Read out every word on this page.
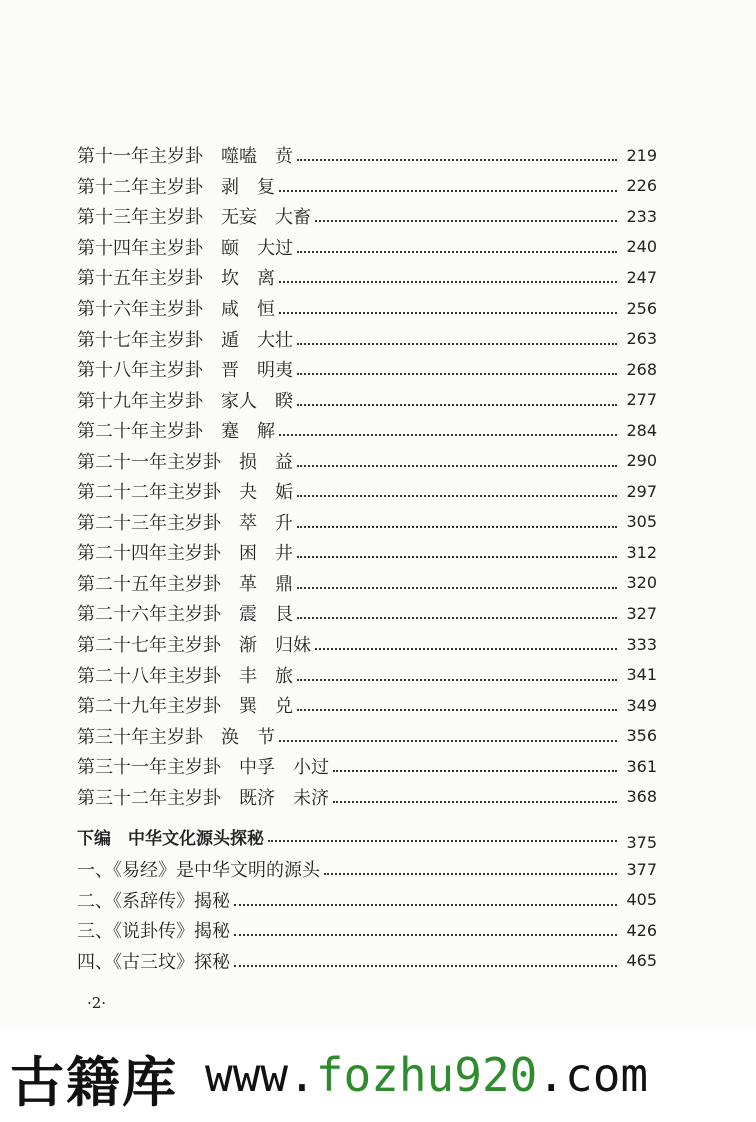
第十一年主岁卦　噬嗑　贲	219
第十二年主岁卦　剥　复	226
第十三年主岁卦　无妄　大畜	233
第十四年主岁卦　颐　大过	240
第十五年主岁卦　坎　离	247
第十六年主岁卦　咸　恒	256
第十七年主岁卦　遁　大壮	263
第十八年主岁卦　晋　明夷	268
第十九年主岁卦　家人　睽	277
第二十年主岁卦　蹇　解	284
第二十一年主岁卦　损　益	290
第二十二年主岁卦　夬　姤	297
第二十三年主岁卦　萃　升	305
第二十四年主岁卦　困　井	312
第二十五年主岁卦　革　鼎	320
第二十六年主岁卦　震　艮	327
第二十七年主岁卦　渐　归妹	333
第二十八年主岁卦　丰　旅	341
第二十九年主岁卦　巽　兑	349
第三十年主岁卦　涣　节	356
第三十一年主岁卦　中孚　小过	361
第三十二年主岁卦　既济　未济	368
下编　中华文化源头探秘	375
一、《易经》是中华文明的源头	377
二、《系辞传》揭秘	405
三、《说卦传》揭秘	426
四、《古三坟》探秘	465
·2·
古籍库 www.fozhu920.com
